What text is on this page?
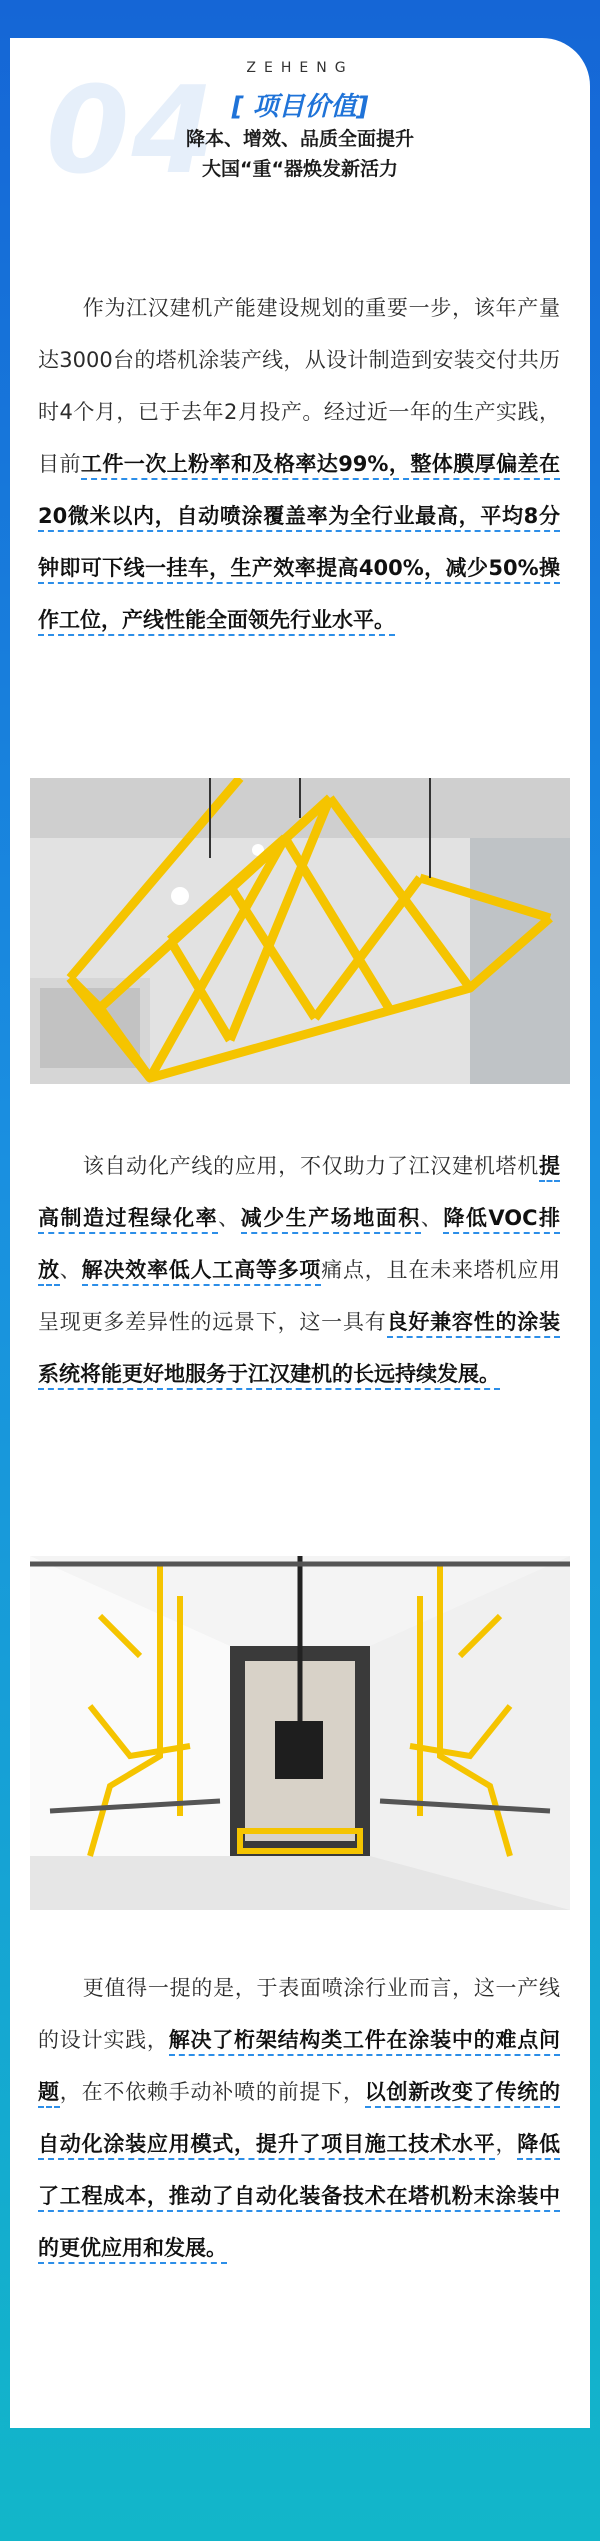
04	ZEHENG
[ 项目价值]
降本、增效、品质全面提升
大国“重“器焕发新活力
作为江汉建机产能建设规划的重要一步，该年产量达3000台的塔机涂装产线，从设计制造到安装交付共历时4个月，已于去年2月投产。经过近一年的生产实践，目前工件一次上粉率和及格率达99%，整体膜厚偏差在20微米以内，自动喷涂覆盖率为全行业最高，平均8分钟即可下线一挂车，生产效率提高400%，减少50%操作工位，产线性能全面领先行业水平。
该自动化产线的应用，不仅助力了江汉建机塔机提高制造过程绿化率、减少生产场地面积、降低VOC排放、解决效率低人工高等多项痛点，且在未来塔机应用呈现更多差异性的远景下，这一具有良好兼容性的涂装系统将能更好地服务于江汉建机的长远持续发展。
更值得一提的是，于表面喷涂行业而言，这一产线的设计实践，解决了桁架结构类工件在涂装中的难点问题，在不依赖手动补喷的前提下，以创新改变了传统的自动化涂装应用模式，提升了项目施工技术水平，降低了工程成本，推动了自动化装备技术在塔机粉末涂装中的更优应用和发展。
